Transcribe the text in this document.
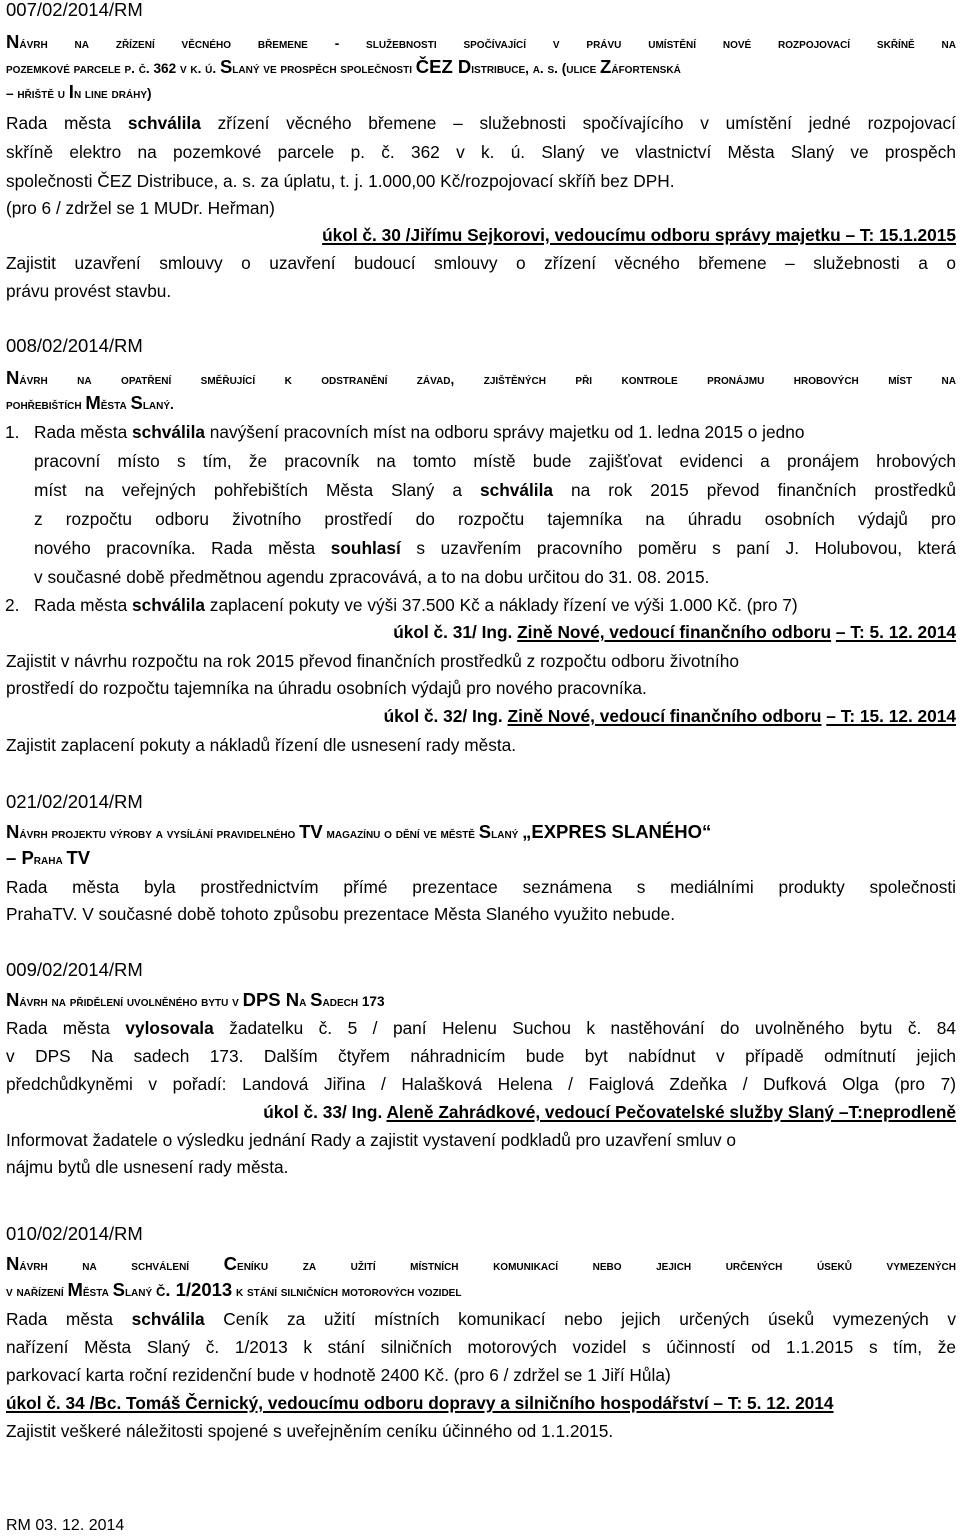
007/02/2014/RM
Návrh na zřízení věcného břemene - služebnosti spočívající v právu umístění nové rozpojovací skříně na
pozemkové parcele p. č. 362 v k. ú. Slaný ve prospěch společnosti ČEZ Distribuce, a. s. (ulice Záfortenská
– hřiště u In line dráhy)
Rada města schválila zřízení věcného břemene – služebnosti spočívajícího v umístění jedné rozpojovací
skříně elektro na pozemkové parcele p. č. 362 v k. ú. Slaný ve vlastnictví Města Slaný ve prospěch
společnosti ČEZ Distribuce, a. s. za úplatu, t. j. 1.000,00 Kč/rozpojovací skříň bez DPH.
(pro 6 / zdržel se 1 MUDr. Heřman)
úkol č. 30 /Jiřímu Sejkorovi, vedoucímu odboru správy majetku – T: 15.1.2015
Zajistit uzavření smlouvy o uzavření budoucí smlouvy o zřízení věcného břemene – služebnosti a o
právu provést stavbu.
008/02/2014/RM
Návrh na opatření směřující k odstranění závad, zjištěných při kontrole pronájmu hrobových míst na
pohřebištích Města Slaný.
1. Rada města schválila navýšení pracovních míst na odboru správy majetku od 1. ledna 2015 o jedno
pracovní místo s tím, že pracovník na tomto místě bude zajišťovat evidenci a pronájem hrobových
míst na veřejných pohřebištích Města Slaný a schválila na rok 2015 převod finančních prostředků
z rozpočtu odboru životního prostředí do rozpočtu tajemníka na úhradu osobních výdajů pro
nového pracovníka. Rada města souhlasí s uzavřením pracovního poměru s paní J. Holubovou, která
v současné době předmětnou agendu zpracovává, a to na dobu určitou do 31. 08. 2015.
2. Rada města schválila zaplacení pokuty ve výši 37.500 Kč a náklady řízení ve výši 1.000 Kč. (pro 7)
úkol č. 31/ Ing. Zině Nové, vedoucí finančního odboru – T: 5. 12. 2014
Zajistit v návrhu rozpočtu na rok 2015 převod finančních prostředků z rozpočtu odboru životního
prostředí do rozpočtu tajemníka na úhradu osobních výdajů pro nového pracovníka.
úkol č. 32/ Ing. Zině Nové, vedoucí finančního odboru – T: 15. 12. 2014
Zajistit zaplacení pokuty a nákladů řízení dle usnesení rady města.
021/02/2014/RM
Návrh projektu výroby a vysílání pravidelného TV magazínu o dění ve městě Slaný „EXPRES SLANÉHO“
– Praha TV
Rada města byla prostřednictvím přímé prezentace seznámena s mediálními produkty společnosti
PrahaTV. V současné době tohoto způsobu prezentace Města Slaného využito nebude.
009/02/2014/RM
Návrh na přidělení uvolněného bytu v DPS Na Sadech 173
Rada města vylosovala žadatelku č. 5 / paní Helenu Suchou k nastěhování do uvolněného bytu č. 84
v DPS Na sadech 173. Dalším čtyřem náhradnicím bude byt nabídnut v případě odmítnutí jejich
předchůdkyněmi v pořadí: Landová Jiřina / Halašková Helena / Faiglová Zdeňka / Dufková Olga (pro 7)
úkol č. 33/ Ing. Aleně Zahrádkové, vedoucí Pečovatelské služby Slaný –T:neprodleně
Informovat žadatele o výsledku jednání Rady a zajistit vystavení podkladů pro uzavření smluv o
nájmu bytů dle usnesení rady města.
010/02/2014/RM
Návrh na schválení Ceníku za užití místních komunikací nebo jejich určených úseků vymezených
v nařízení Města Slaný č. 1/2013 k stání silničních motorových vozidel
Rada města schválila Ceník za užití místních komunikací nebo jejich určených úseků vymezených v
nařízení Města Slaný č. 1/2013 k stání silničních motorových vozidel s účinností od 1.1.2015 s tím, že
parkovací karta roční rezidenční bude v hodnotě 2400 Kč. (pro 6 / zdržel se 1 Jiří Hůla)
úkol č. 34 /Bc. Tomáš Černický, vedoucímu odboru dopravy a silničního hospodářství – T: 5. 12. 2014
Zajistit veškeré náležitosti spojené s uveřejněním ceníku účinného od 1.1.2015.
RM 03. 12. 2014
